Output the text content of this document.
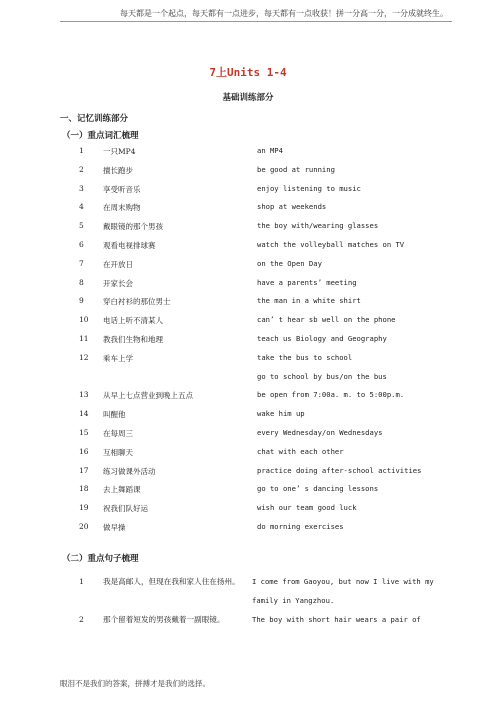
每天都是一个起点，每天都有一点进步，每天都有一点收获！拼一分高一分，一分成就终生。
7上Units 1-4
基础训练部分
一、记忆训练部分
（一）重点词汇梳理
1	一只MP4	an MP4
2	擅长跑步	be good at running
3	享受听音乐	enjoy listening to music
4	在周末购物	shop at weekends
5	戴眼镜的那个男孩	the boy with/wearing glasses
6	观看电视排球赛	watch the volleyball matches on TV
7	在开放日	on the Open Day
8	开家长会	have a parents’ meeting
9	穿白衬衫的那位男士	the man in a white shirt
10	电话上听不清某人	can’ t hear sb well on the phone
11	教我们生物和地理	teach us Biology and Geography
12	乘车上学	take the bus to school
go to school by bus/on the bus
13	从早上七点营业到晚上五点	be open from 7:00a. m. to 5:00p.m.
14	叫醒他	wake him up
15	在每周三	every Wednesday/on Wednesdays
16	互相聊天	chat with each other
17	练习做课外活动	practice doing after-school activities
18	去上舞蹈课	go to one’ s dancing lessons
19	祝我们队好运	wish our team good luck
20	做早操	do morning exercises
（二）重点句子梳理
1	我是高邮人，但现在我和家人住在扬州。	I come from Gaoyou, but now I live with my family in Yangzhou.
2	那个留着短发的男孩戴着一副眼镜。	The boy with short hair wears a pair of
眼泪不是我们的答案，拼搏才是我们的选择。
